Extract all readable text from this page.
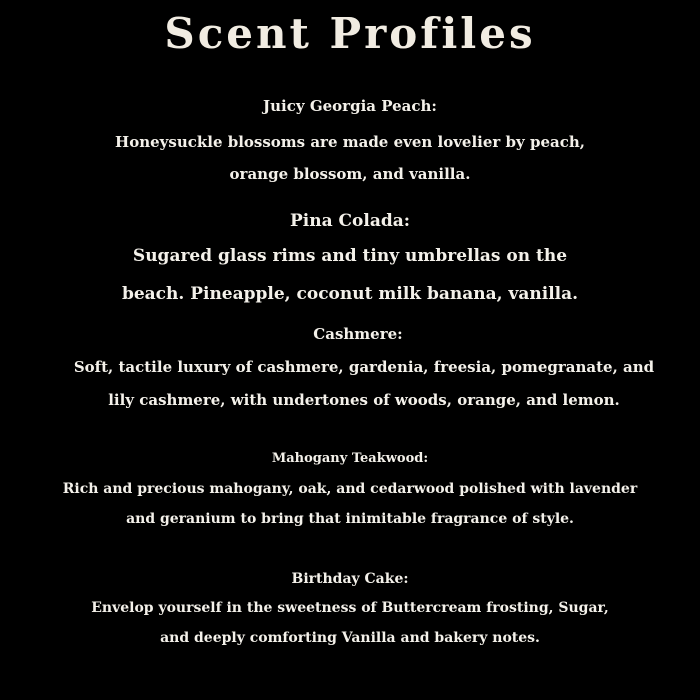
Scent Profiles
Juicy Georgia Peach:
Honeysuckle blossoms are made even lovelier by peach,
orange blossom, and vanilla.
Pina Colada:
Sugared glass rims and tiny umbrellas on the
beach. Pineapple, coconut milk banana, vanilla.
Cashmere:
Soft, tactile luxury of cashmere, gardenia, freesia, pomegranate, and
lily cashmere, with undertones of woods, orange, and lemon.
Mahogany Teakwood:
Rich and precious mahogany, oak, and cedarwood polished with lavender
and geranium to bring that inimitable fragrance of style.
Birthday Cake:
Envelop yourself in the sweetness of Buttercream frosting, Sugar,
and deeply comforting Vanilla and bakery notes.
